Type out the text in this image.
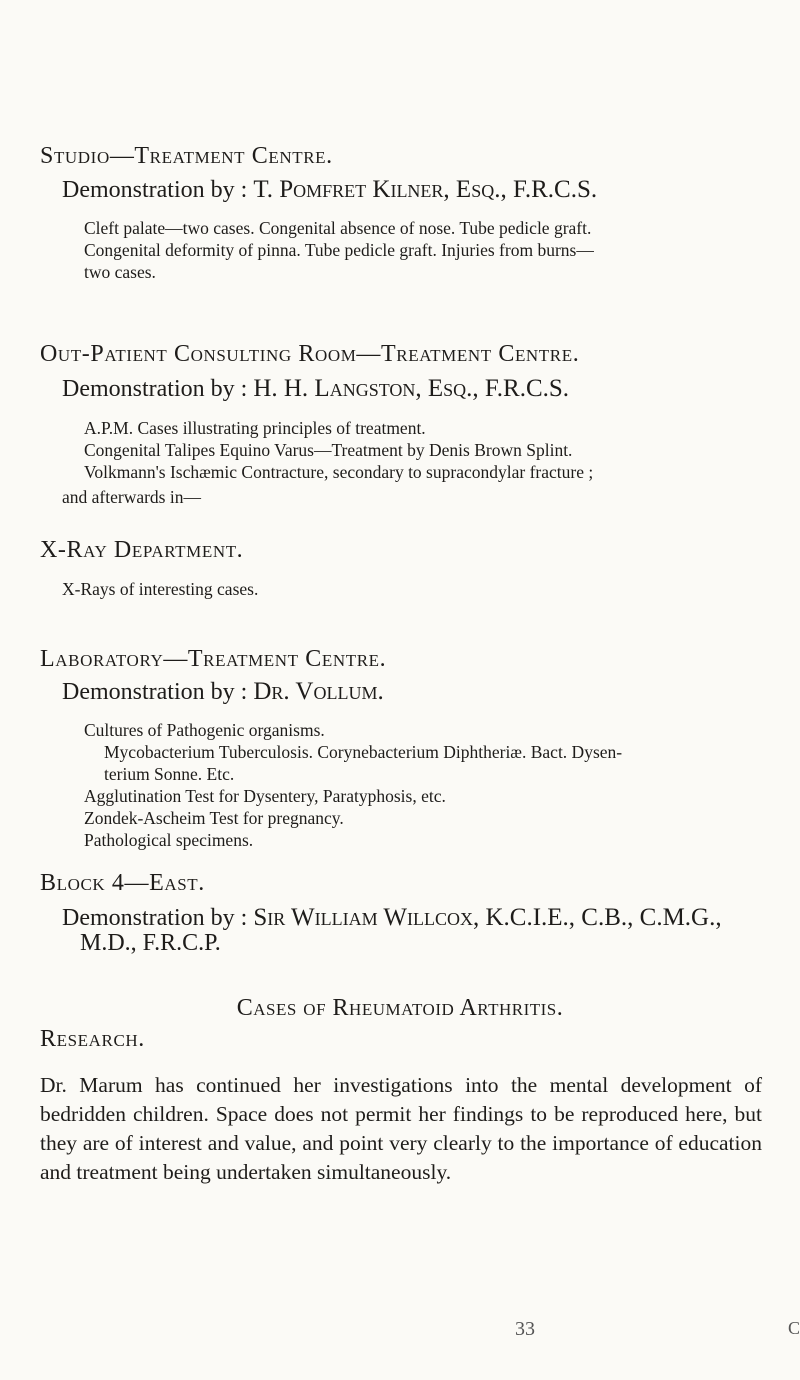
Studio—Treatment Centre.
Demonstration by : T. Pomfret Kilner, Esq., F.R.C.S.
Cleft palate—two cases. Congenital absence of nose. Tube pedicle graft.
Congenital deformity of pinna. Tube pedicle graft. Injuries from burns—
two cases.
Out-Patient Consulting Room—Treatment Centre.
Demonstration by : H. H. Langston, Esq., F.R.C.S.
A.P.M. Cases illustrating principles of treatment.
Congenital Talipes Equino Varus—Treatment by Denis Brown Splint.
Volkmann's Ischæmic Contracture, secondary to supracondylar fracture ;
and afterwards in—
X-Ray Department.
X-Rays of interesting cases.
Laboratory—Treatment Centre.
Demonstration by : Dr. Vollum.
Cultures of Pathogenic organisms.
Mycobacterium Tuberculosis. Corynebacterium Diphtheriæ. Bact. Dysen-
terium Sonne. Etc.
Agglutination Test for Dysentery, Paratyphosis, etc.
Zondek-Ascheim Test for pregnancy.
Pathological specimens.
Block 4—East.
Demonstration by : Sir William Willcox, K.C.I.E., C.B., C.M.G.,
M.D., F.R.C.P.
Cases of Rheumatoid Arthritis.
Research.

Dr. Marum has continued her investigations into the mental development of bedridden children. Space does not permit her findings to be reproduced here, but they are of interest and value, and point very clearly to the importance of education and treatment being undertaken simultaneously.

33	C
